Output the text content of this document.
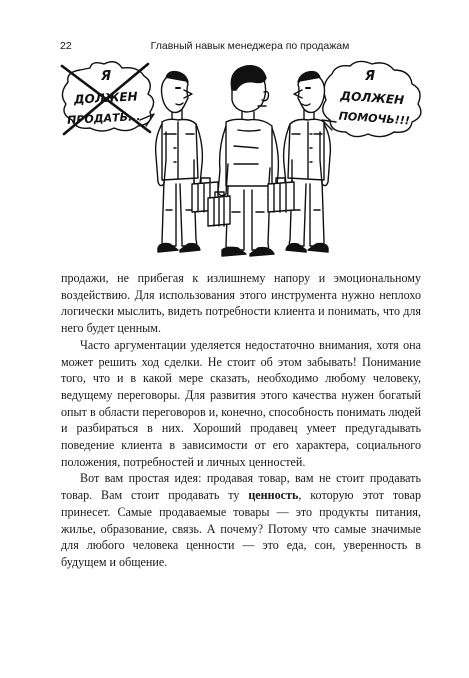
22	Главный навык менеджера по продажам
Я
ДОЛЖЕН
ПРОДАТЬ...
Я
ДОЛЖЕН
ПОМОЧЬ!!!

продажи, не прибегая к излишнему напору и эмоциональному воздействию. Для использования этого инструмента нужно неплохо логически мыслить, видеть потребности клиента и понимать, что для него будет ценным.

Часто аргументации уделяется недостаточно внимания, хотя она может решить ход сделки. Не стоит об этом забывать! Понимание того, что и в какой мере сказать, необходимо любому человеку, ведущему переговоры. Для развития этого качества нужен богатый опыт в области переговоров и, конечно, способность понимать людей и разбираться в них. Хороший продавец умеет предугадывать поведение клиента в зависимости от его характера, социального положения, потребностей и личных ценностей.

Вот вам простая идея: продавая товар, вам не стоит продавать товар. Вам стоит продавать ту ценность, которую этот товар принесет. Самые продаваемые товары — это продукты питания, жилье, образование, связь. А почему? Потому что самые значимые для любого человека ценности — это еда, сон, уверенность в будущем и общение.
